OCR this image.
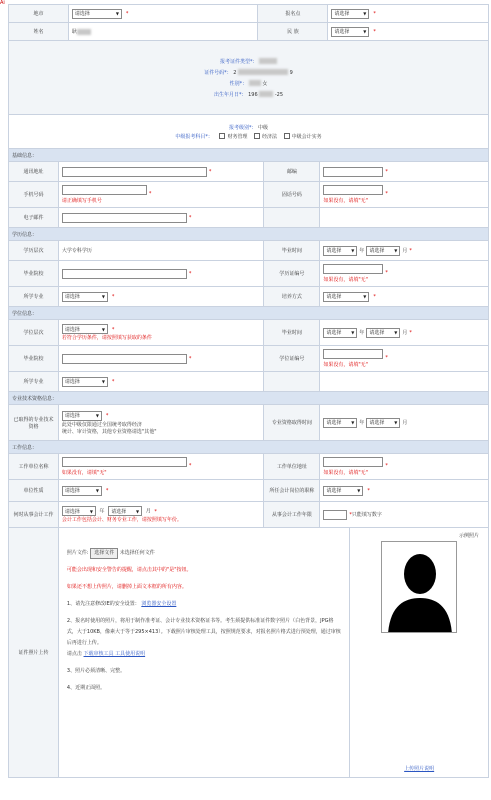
Ai
地市	请选择	▼ *	报名点	请选择	▼ *
姓名	耿	民 族	请选择	▼ *
报考证件类型*：
证件号码*： 2	9
性别*：	女
出生年月日*： 196	-25
报考级别*： 中级
中级报考科目*：	财务管理	经济法	中级会计实务
基础信息：
通讯地址	*	邮编	*
手机号码	*
请正确填写手机号
固话号码	*
如果没有，请填"无"
电子邮件	*
学历信息：
学历层次	大学专科学历	毕业时间	请选择 ▼ 年 请选择 ▼ 月 *
毕业院校	*	学历证编号	*
如果没有，请填"无"
所学专业	请选择	▼ *	培养方式	请选择	▼ *
学位信息：
学位层次
请选择	▼ *
若符合学历条件，请按照填写获取的条件
毕业时间	请选择 ▼ 年 请选择 ▼ 月 *
毕业院校	*	学位证编号	*
如果没有，请填"无"
所学专业	请选择	▼ *
专业技术资格信息：
已取得的专业技术资格
请选择	▼ *
此处中级仅限通过全国统考取得经济
统计、审计资格，其他专业资格请选"其他"
专业资格取得时间	请选择 ▼ 年 请选择 ▼ 月
工作信息：
工作单位名称	*
如果没有，请填"无"
工作单位地址	*
如果没有，请填"无"
单位性质	请选择	▼ *	所任会计岗位的职称	请选择	▼ *
何时从事会计工作
请选择 ▼ 年 请选择 ▼ 月 *
会计工作包括会计、财务专业工作，请按照填写年份。
从事会计工作年限	* 只能填写数字
证件照片上传

照片文件: 选择文件 未选择任何文件

可能会出现和安全警告的提醒，请点击其中的"是"按钮。

如果还不想上传照片，请删掉上面文本框的所有内容。

1、请先注意修改IE的安全设置： 浏览器安全设置

2、报名时使用的照片，将用于制作准考证、会计专业技术资格证书等。考生须提供标准证件数字照片（白色背景，JPG格式，大于10KB，像素大于等于295×413）。下载照片审核处理工具，按照规范要求，对报名照片格式进行预处理，通过审核后再进行上传。
请点击 下载审核工具 工具使用说明

3、照片必须清晰、完整。

4、近期正面照。

示例照片
上传照片说明
